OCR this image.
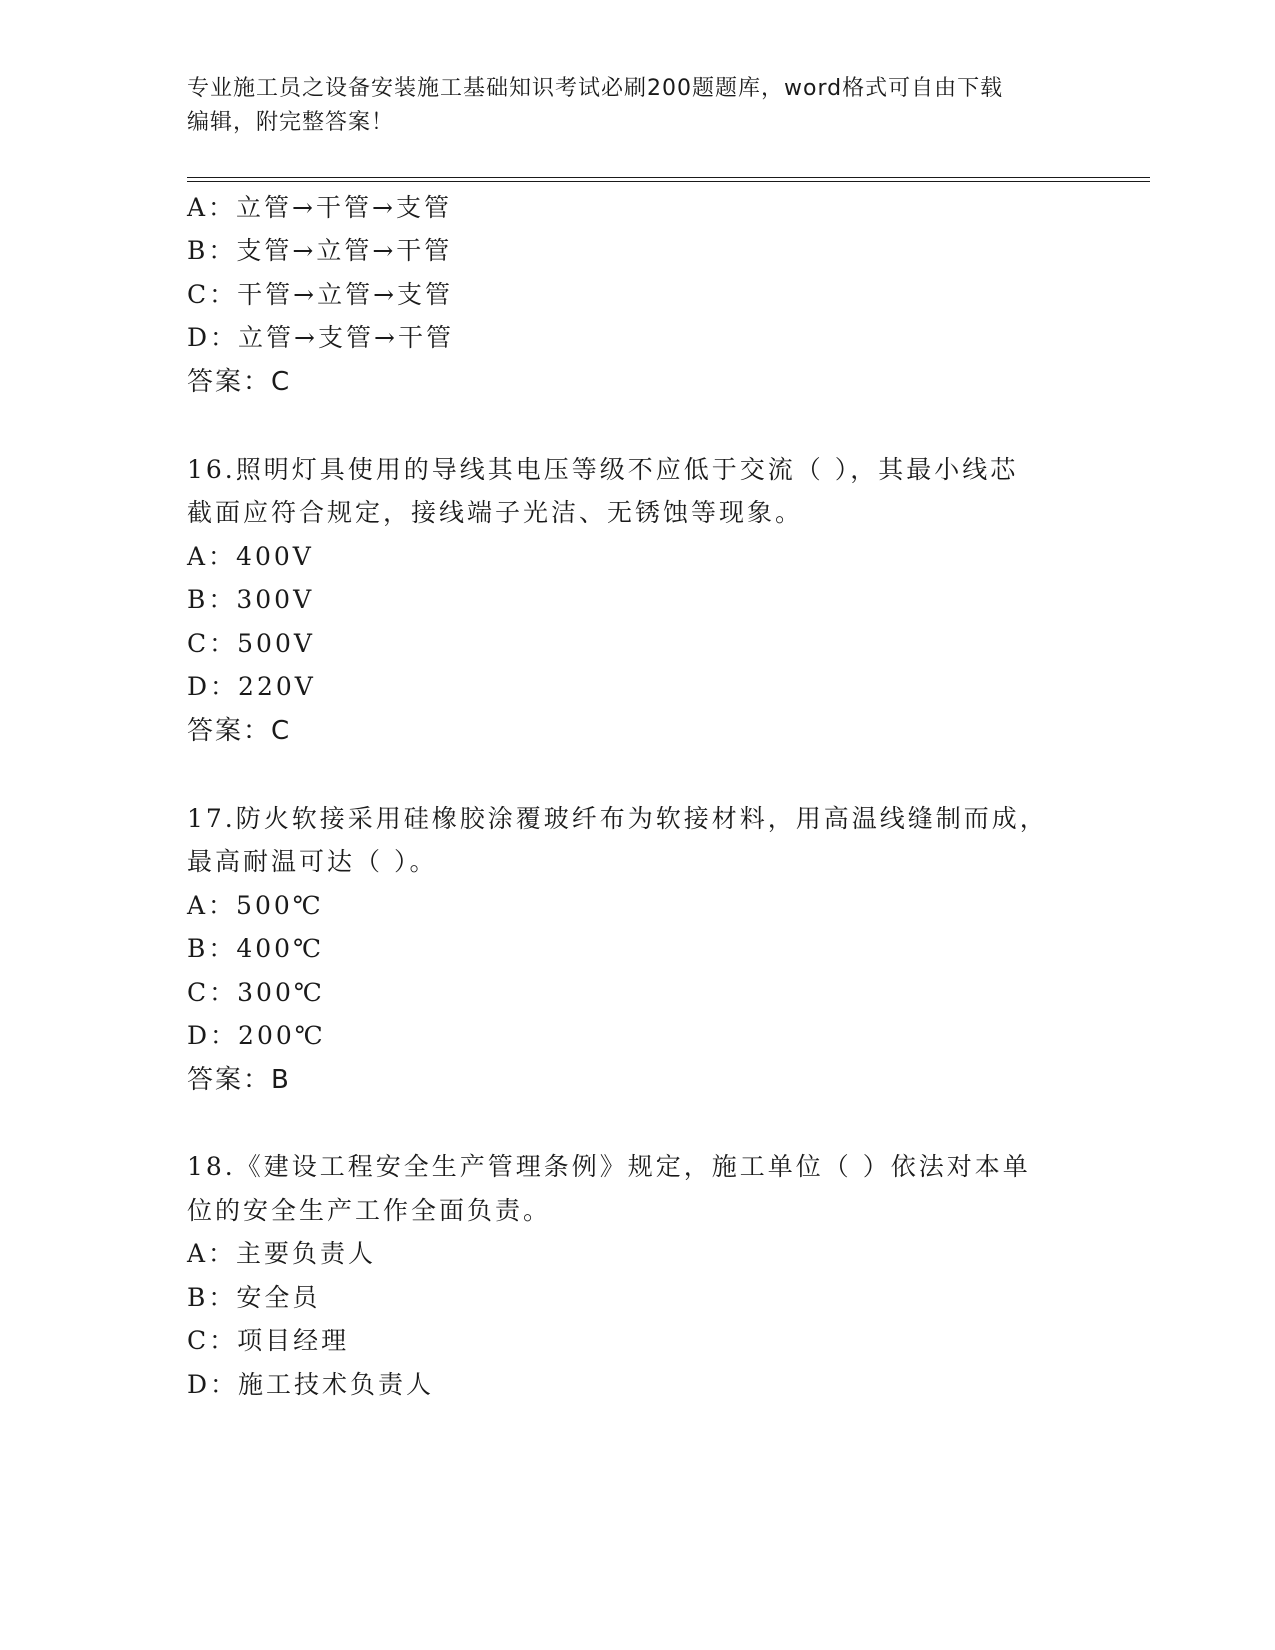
专业施工员之设备安装施工基础知识考试必刷200题题库，word格式可自由下载
编辑，附完整答案！
A：立管→干管→支管
B：支管→立管→干管
C：干管→立管→支管
D：立管→支管→干管
答案：C
16.照明灯具使用的导线其电压等级不应低于交流（ ），其最小线芯
截面应符合规定，接线端子光洁、无锈蚀等现象。
A：400V
B：300V
C：500V
D：220V
答案：C
17.防火软接采用硅橡胶涂覆玻纤布为软接材料，用高温线缝制而成，
最高耐温可达（ ）。
A：500℃
B：400℃
C：300℃
D：200℃
答案：B
18.《建设工程安全生产管理条例》规定，施工单位（ ）依法对本单
位的安全生产工作全面负责。
A：主要负责人
B：安全员
C：项目经理
D：施工技术负责人
